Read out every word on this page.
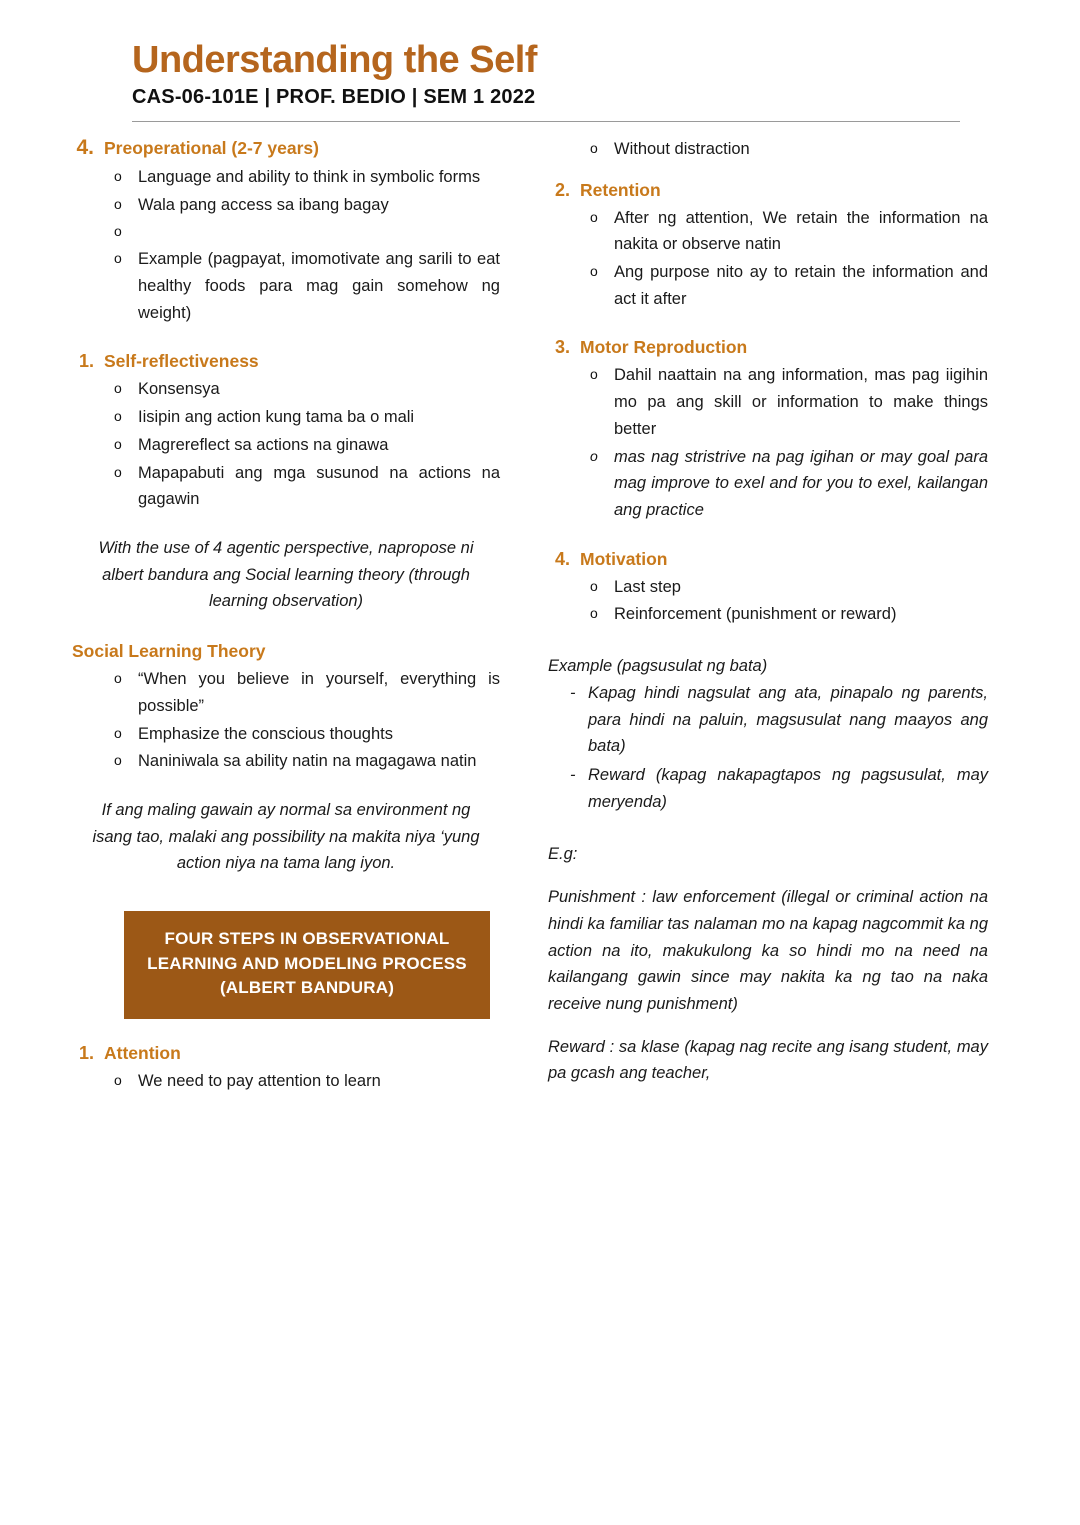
Understanding the Self
CAS-06-101E | PROF. BEDIO | SEM 1 2022
4. Preoperational (2-7 years)
o Language and ability to think in symbolic forms
o Wala pang access sa ibang bagay
o
o Example (pagpayat, imomotivate ang sarili to eat healthy foods para mag gain somehow ng weight)
1. Self-reflectiveness
o Konsensya
o Iisipin ang action kung tama ba o mali
o Magrereflect sa actions na ginawa
o Mapapabuti ang mga susunod na actions na gagawin
With the use of 4 agentic perspective, napropose ni albert bandura ang Social learning theory (through learning observation)
Social Learning Theory
o “When you believe in yourself, everything is possible”
o Emphasize the conscious thoughts
o Naniniwala sa ability natin na magagawa natin
If ang maling gawain ay normal sa environment ng isang tao, malaki ang possibility na makita niya ‘yung action niya na tama lang iyon.
FOUR STEPS IN OBSERVATIONAL LEARNING AND MODELING PROCESS (ALBERT BANDURA)
1. Attention
o We need to pay attention to learn
o Without distraction
2. Retention
o After ng attention, We retain the information na nakita or observe natin
o Ang purpose nito ay to retain the information and act it after
3. Motor Reproduction
o Dahil naattain na ang information, mas pag iigihin mo pa ang skill or information to make things better
o mas nag stristrive na pag igihan or may goal para mag improve to exel and for you to exel, kailangan ang practice
4. Motivation
o Last step
o Reinforcement (punishment or reward)

Example (pagsusulat ng bata)

- Kapag hindi nagsulat ang ata, pinapalo ng parents, para hindi na paluin, magsusulat nang maayos ang bata)
- Reward (kapag nakapagtapos ng pagsusulat, may meryenda)

E.g:

Punishment : law enforcement (illegal or criminal action na hindi ka familiar tas nalaman mo na kapag nagcommit ka ng action na ito, makukulong ka so hindi mo na need na kailangang gawin since may nakita ka ng tao na naka receive nung punishment)

Reward : sa klase (kapag nag recite ang isang student, may pa gcash ang teacher,
